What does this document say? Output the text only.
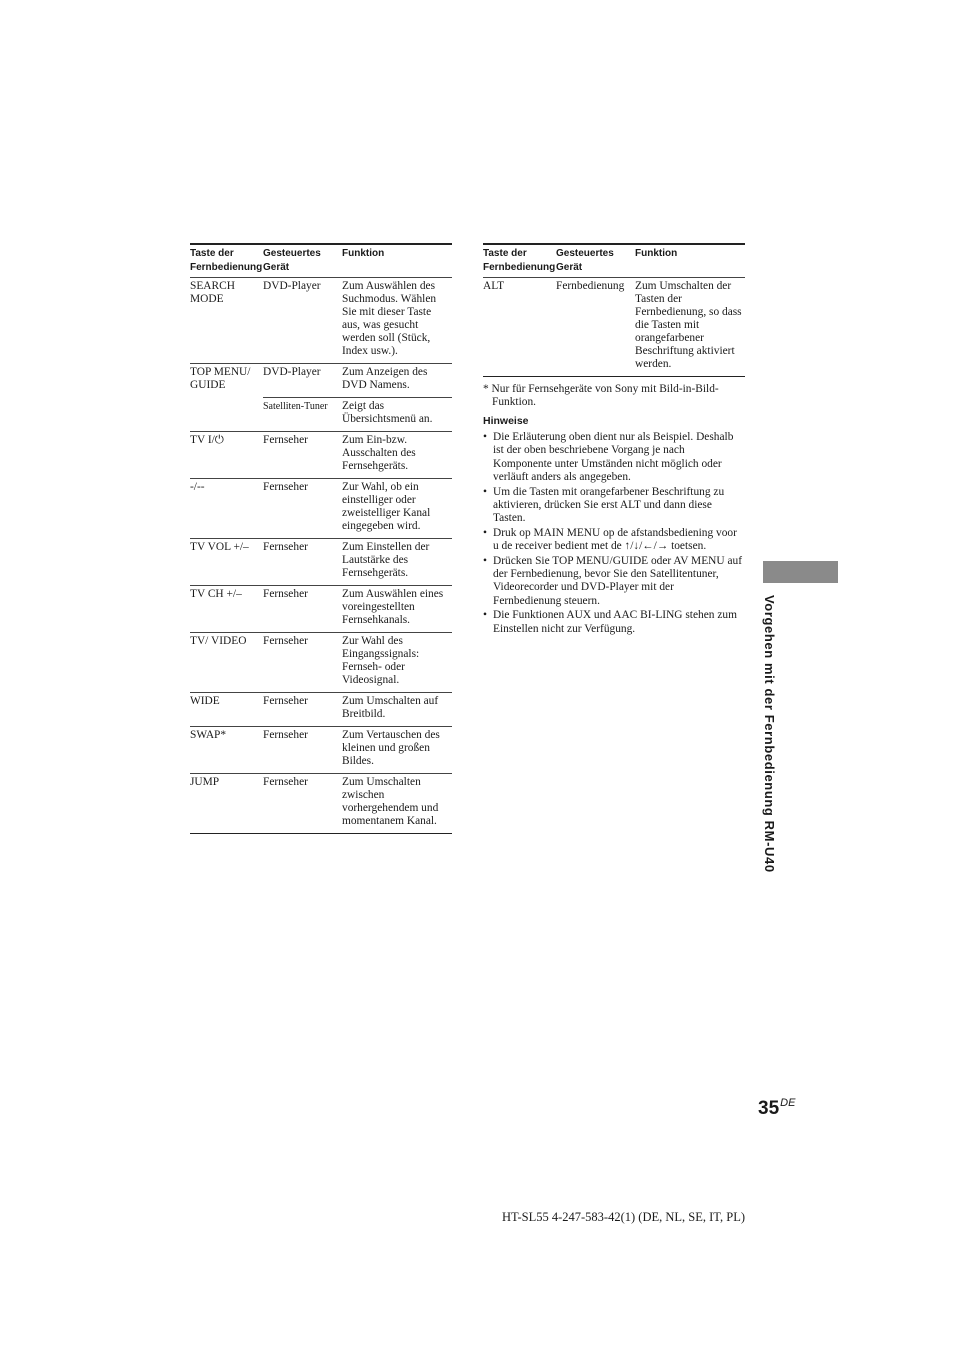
Taste der Fernbedienung	Gesteuertes Gerät	Funktion
SEARCH MODE	DVD-Player	Zum Auswählen des Suchmodus. Wählen Sie mit dieser Taste aus, was gesucht werden soll (Stück, Index usw.).
TOP MENU/ GUIDE	DVD-Player	Zum Anzeigen des DVD Namens.
	Satelliten-Tuner	Zeigt das Übersichtsmenü an.
TV I/⏻	Fernseher	Zum Ein-bzw. Ausschalten des Fernsehgeräts.
-/--	Fernseher	Zur Wahl, ob ein einstelliger oder zweistelliger Kanal eingegeben wird.
TV VOL +/–	Fernseher	Zum Einstellen der Lautstärke des Fernsehgeräts.
TV CH +/–	Fernseher	Zum Auswählen eines voreingestellten Fernsehkanals.
TV/ VIDEO	Fernseher	Zur Wahl des Eingangssignals: Fernseh- oder Videosignal.
WIDE	Fernseher	Zum Umschalten auf Breitbild.
SWAP*	Fernseher	Zum Vertauschen des kleinen und großen Bildes.
JUMP	Fernseher	Zum Umschalten zwischen vorhergehendem und momentanem Kanal.
Taste der Fernbedienung	Gesteuertes Gerät	Funktion
ALT	Fernbedienung	Zum Umschalten der Tasten der Fernbedienung, so dass die Tasten mit orangefarbener Beschriftung aktiviert werden.
* Nur für Fernsehgeräte von Sony mit Bild-in-Bild-Funktion.
Hinweise
• Die Erläuterung oben dient nur als Beispiel. Deshalb ist der oben beschriebene Vorgang je nach Komponente unter Umständen nicht möglich oder verläuft anders als angegeben.
• Um die Tasten mit orangefarbener Beschriftung zu aktivieren, drücken Sie erst ALT und dann diese Tasten.
• Druk op MAIN MENU op de afstandsbediening voor u de receiver bedient met de ↑/↓/←/→ toetsen.
• Drücken Sie TOP MENU/GUIDE oder AV MENU auf der Fernbedienung, bevor Sie den Satellitentuner, Videorecorder und DVD-Player mit der Fernbedienung steuern.
• Die Funktionen AUX und AAC BI-LING stehen zum Einstellen nicht zur Verfügung.	Vorgehen mit der Fernbedienung RM-U40
35DE
HT-SL55 4-247-583-42(1) (DE, NL, SE, IT, PL)
